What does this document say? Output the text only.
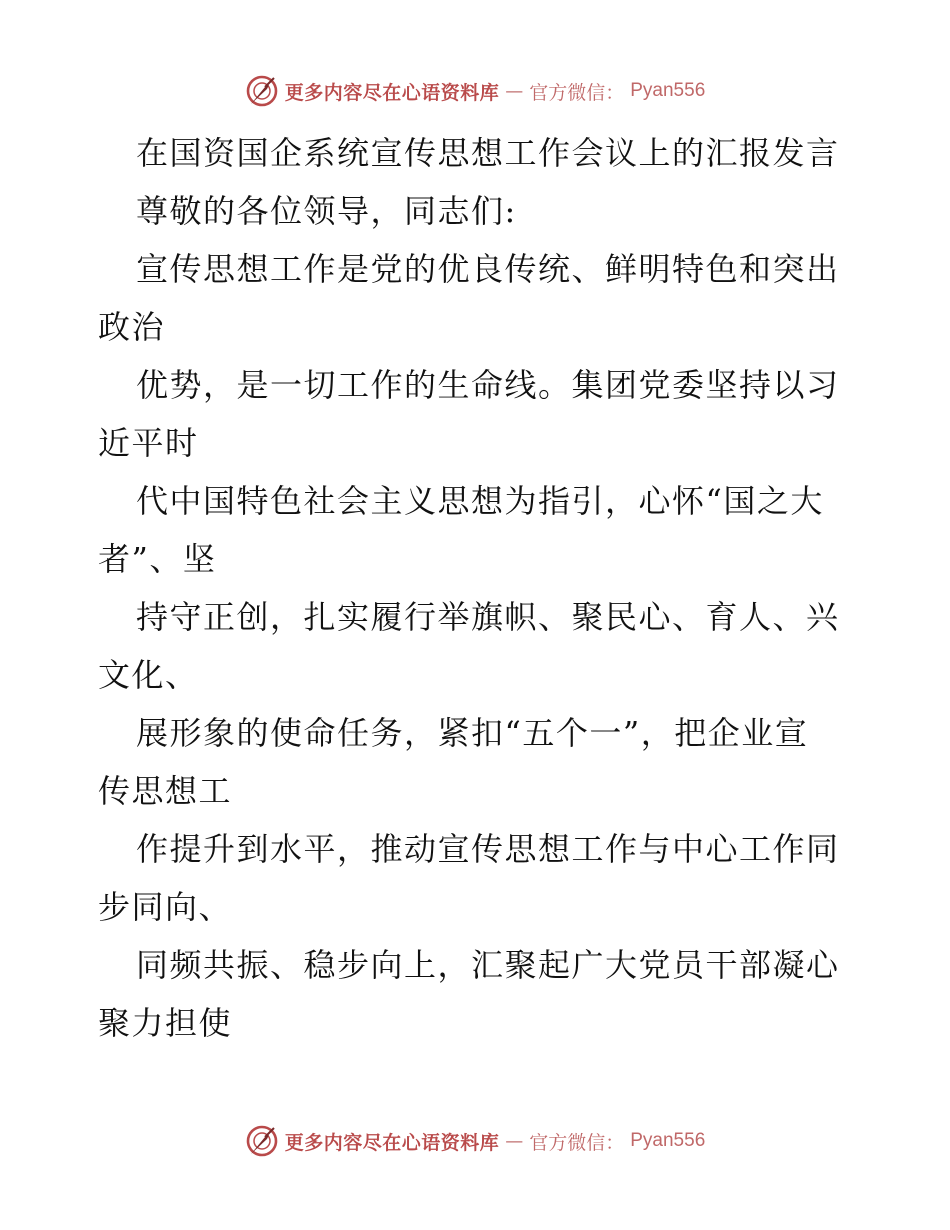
更多内容尽在心语资料库 — 官方微信： Pyan556
在国资国企系统宣传思想工作会议上的汇报发言
尊敬的各位领导，同志们:
宣传思想工作是党的优良传统、鲜明特色和突出
政治
优势，是一切工作的生命线。集团党委坚持以习
近平时
代中国特色社会主义思想为指引，心怀“国之大
者”、坚
持守正创，扎实履行举旗帜、聚民心、育人、兴
文化、
展形象的使命任务，紧扣“五个一”，把企业宣
传思想工
作提升到水平，推动宣传思想工作与中心工作同
步同向、
同频共振、稳步向上，汇聚起广大党员干部凝心
聚力担使
更多内容尽在心语资料库 — 官方微信： Pyan556
